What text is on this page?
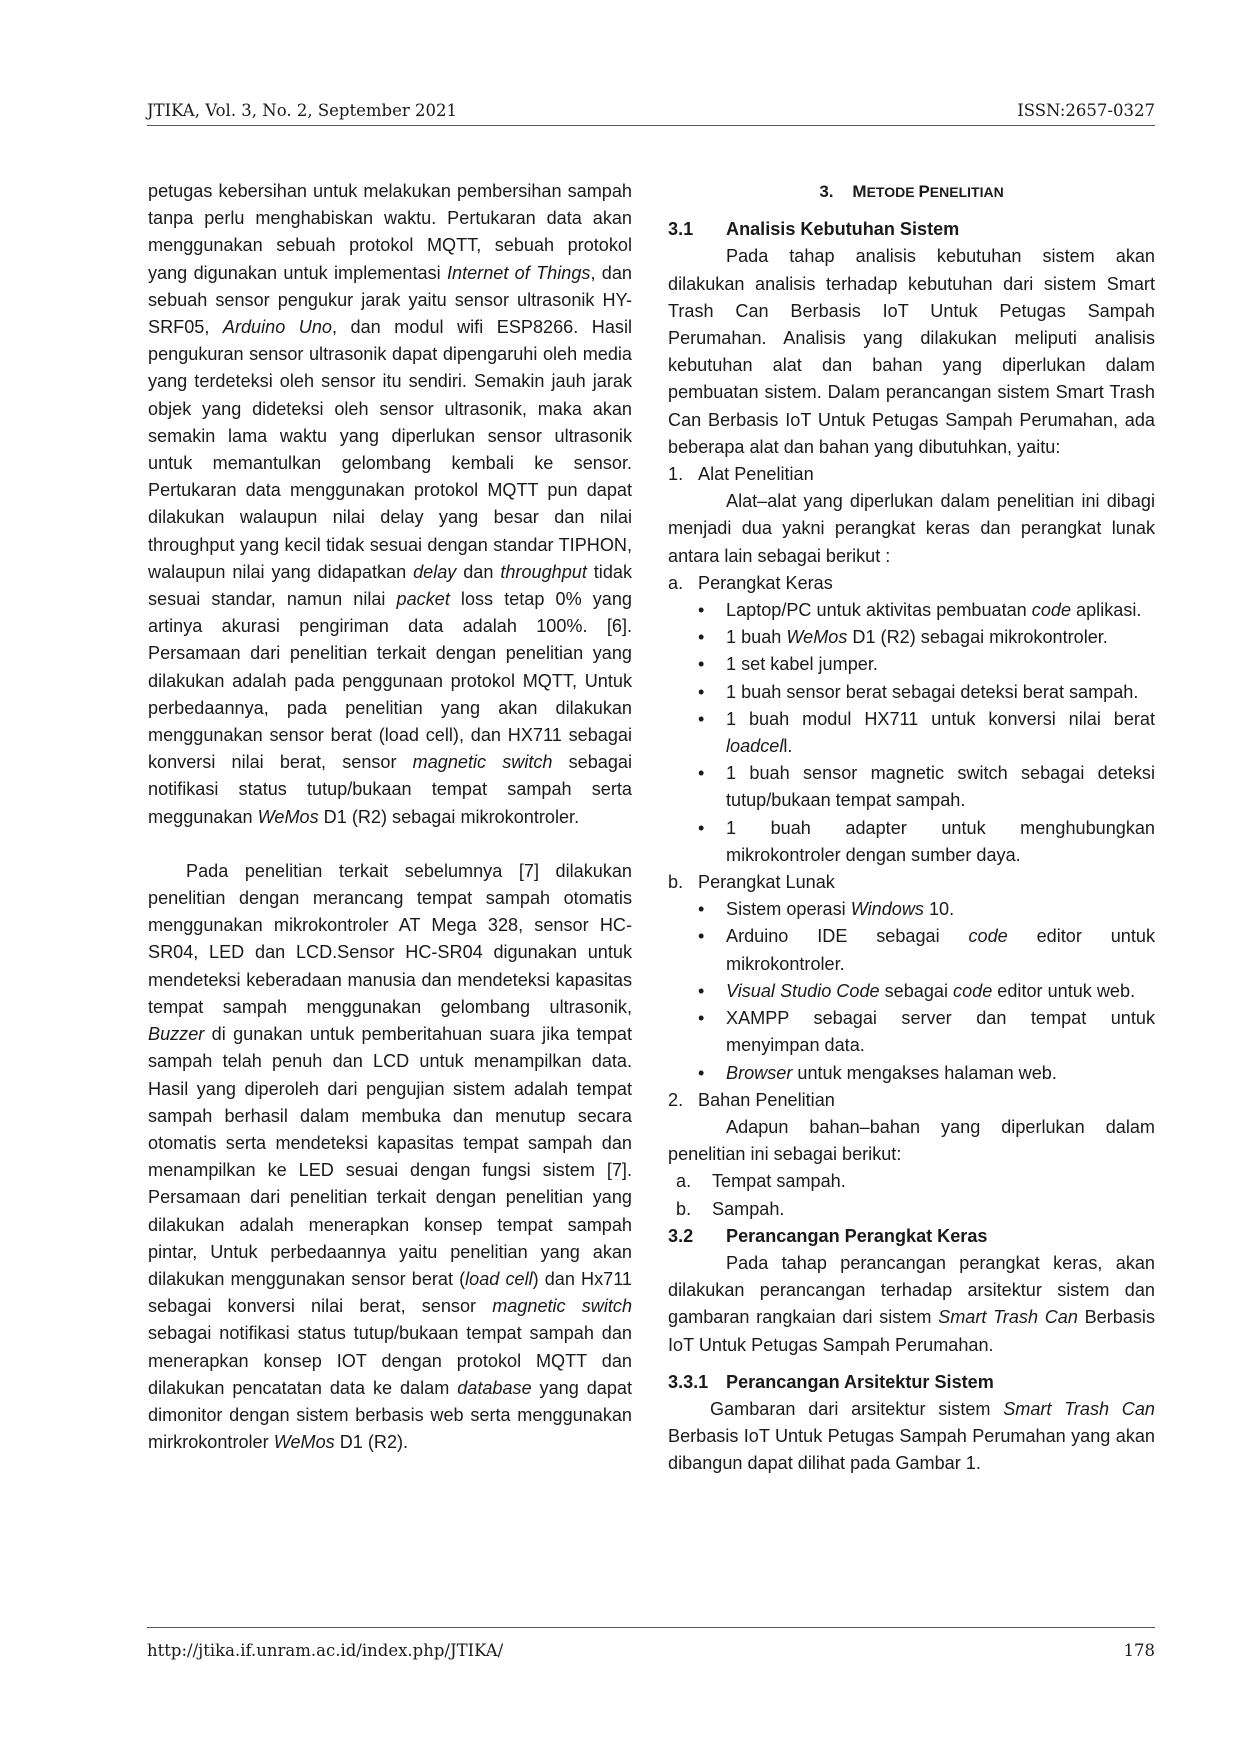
JTIKA, Vol. 3, No. 2, September 2021	ISSN:2657-0327

petugas kebersihan untuk melakukan pembersihan sampah tanpa perlu menghabiskan waktu. Pertukaran data akan menggunakan sebuah protokol MQTT, sebuah protokol yang digunakan untuk implementasi Internet of Things, dan sebuah sensor pengukur jarak yaitu sensor ultrasonik HY-SRF05, Arduino Uno, dan modul wifi ESP8266. Hasil pengukuran sensor ultrasonik dapat dipengaruhi oleh media yang terdeteksi oleh sensor itu sendiri. Semakin jauh jarak objek yang dideteksi oleh sensor ultrasonik, maka akan semakin lama waktu yang diperlukan sensor ultrasonik untuk memantulkan gelombang kembali ke sensor. Pertukaran data menggunakan protokol MQTT pun dapat dilakukan walaupun nilai delay yang besar dan nilai throughput yang kecil tidak sesuai dengan standar TIPHON, walaupun nilai yang didapatkan delay dan throughput tidak sesuai standar, namun nilai packet loss tetap 0% yang artinya akurasi pengiriman data adalah 100%. [6]. Persamaan dari penelitian terkait dengan penelitian yang dilakukan adalah pada penggunaan protokol MQTT, Untuk perbedaannya, pada penelitian yang akan dilakukan menggunakan sensor berat (load cell), dan HX711 sebagai konversi nilai berat, sensor magnetic switch sebagai notifikasi status tutup/bukaan tempat sampah serta meggunakan WeMos D1 (R2) sebagai mikrokontroler.

Pada penelitian terkait sebelumnya [7] dilakukan penelitian dengan merancang tempat sampah otomatis menggunakan mikrokontroler AT Mega 328, sensor HC-SR04, LED dan LCD.Sensor HC-SR04 digunakan untuk mendeteksi keberadaan manusia dan mendeteksi kapasitas tempat sampah menggunakan gelombang ultrasonik, Buzzer di gunakan untuk pemberitahuan suara jika tempat sampah telah penuh dan LCD untuk menampilkan data. Hasil yang diperoleh dari pengujian sistem adalah tempat sampah berhasil dalam membuka dan menutup secara otomatis serta mendeteksi kapasitas tempat sampah dan menampilkan ke LED sesuai dengan fungsi sistem [7]. Persamaan dari penelitian terkait dengan penelitian yang dilakukan adalah menerapkan konsep tempat sampah pintar, Untuk perbedaannya yaitu penelitian yang akan dilakukan menggunakan sensor berat (load cell) dan Hx711 sebagai konversi nilai berat, sensor magnetic switch sebagai notifikasi status tutup/bukaan tempat sampah dan menerapkan konsep IOT dengan protokol MQTT dan dilakukan pencatatan data ke dalam database yang dapat dimonitor dengan sistem berbasis web serta menggunakan mirkrokontroler WeMos D1 (R2).

3. METODE PENELITIAN
3.1 Analisis Kebutuhan Sistem

Pada tahap analisis kebutuhan sistem akan dilakukan analisis terhadap kebutuhan dari sistem Smart Trash Can Berbasis IoT Untuk Petugas Sampah Perumahan. Analisis yang dilakukan meliputi analisis kebutuhan alat dan bahan yang diperlukan dalam pembuatan sistem. Dalam perancangan sistem Smart Trash Can Berbasis IoT Untuk Petugas Sampah Perumahan, ada beberapa alat dan bahan yang dibutuhkan, yaitu:

1. Alat Penelitian

Alat–alat yang diperlukan dalam penelitian ini dibagi menjadi dua yakni perangkat keras dan perangkat lunak antara lain sebagai berikut :

a. Perangkat Keras
• Laptop/PC untuk aktivitas pembuatan code aplikasi.
• 1 buah WeMos D1 (R2) sebagai mikrokontroler.
• 1 set kabel jumper.
• 1 buah sensor berat sebagai deteksi berat sampah.
• 1 buah modul HX711 untuk konversi nilai berat loadcell.
• 1 buah sensor magnetic switch sebagai deteksi tutup/bukaan tempat sampah.
• 1 buah adapter untuk menghubungkan mikrokontroler dengan sumber daya.
b. Perangkat Lunak
• Sistem operasi Windows 10.
• Arduino IDE sebagai code editor untuk mikrokontroler.
• Visual Studio Code sebagai code editor untuk web.
• XAMPP sebagai server dan tempat untuk menyimpan data.
• Browser untuk mengakses halaman web.
2. Bahan Penelitian

Adapun bahan–bahan yang diperlukan dalam penelitian ini sebagai berikut:

a. Tempat sampah.
b. Sampah.
3.2 Perancangan Perangkat Keras

Pada tahap perancangan perangkat keras, akan dilakukan perancangan terhadap arsitektur sistem dan gambaran rangkaian dari sistem Smart Trash Can Berbasis IoT Untuk Petugas Sampah Perumahan.

3.3.1 Perancangan Arsitektur Sistem

Gambaran dari arsitektur sistem Smart Trash Can Berbasis IoT Untuk Petugas Sampah Perumahan yang akan dibangun dapat dilihat pada Gambar 1.

http://jtika.if.unram.ac.id/index.php/JTIKA/	178
